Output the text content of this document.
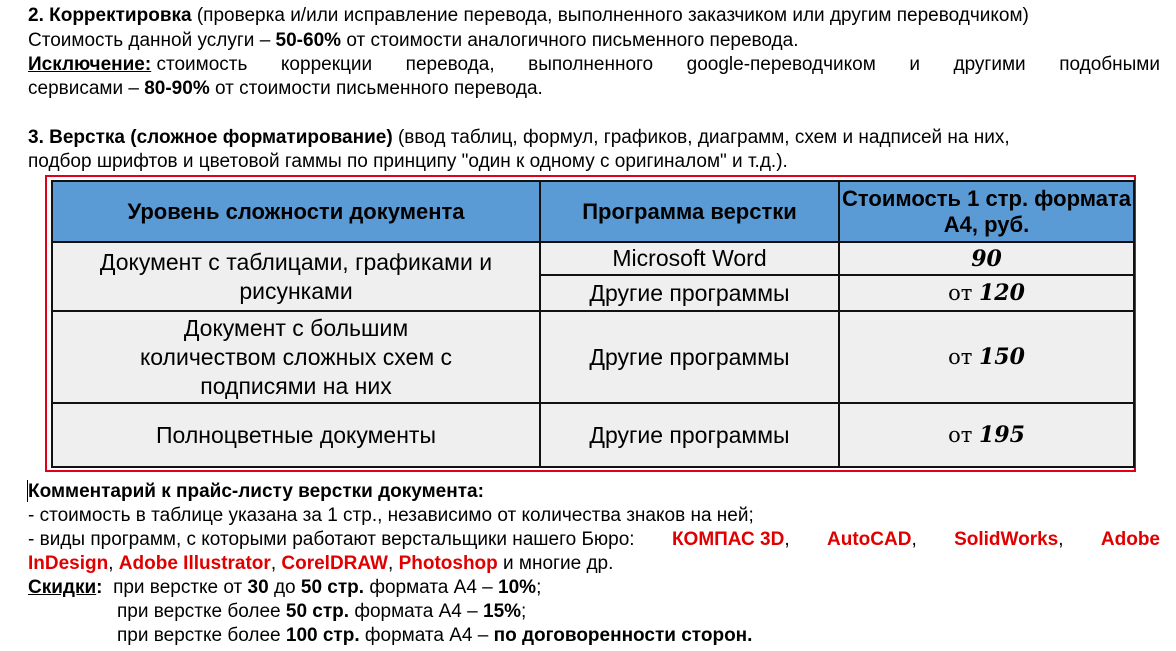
2. Корректировка (проверка и/или исправление перевода, выполненного заказчиком или другим переводчиком)
Стоимость данной услуги – 50-60% от стоимости аналогичного письменного перевода.
Исключение: стоимость коррекции перевода, выполненного google-переводчиком и другими подобными
сервисами – 80-90% от стоимости письменного перевода.
3. Верстка (сложное форматирование) (ввод таблиц, формул, графиков, диаграмм, схем и надписей на них,
подбор шрифтов и цветовой гаммы по принципу "один к одному с оригиналом" и т.д.).
Уровень сложности документа	Программа верстки	Стоимость 1 стр. формата А4, руб.
Документ с таблицами, графиками и рисунками	Microsoft Word	90
	Другие программы	от 120
Документ с большим количеством сложных схем с подписями на них	Другие программы	от 150
Полноцветные документы	Другие программы	от 195
Комментарий к прайс-листу верстки документа:
- стоимость в таблице указана за 1 стр., независимо от количества знаков на ней;
- виды программ, с которыми работают верстальщики нашего Бюро: КОМПАС 3D, AutoCAD, SolidWorks, Adobe
InDesign, Adobe Illustrator, CorelDRAW, Photoshop и многие др.
Скидки: при верстке от 30 до 50 стр. формата А4 – 10%;
при верстке более 50 стр. формата А4 – 15%;
при верстке более 100 стр. формата А4 – по договоренности сторон.
